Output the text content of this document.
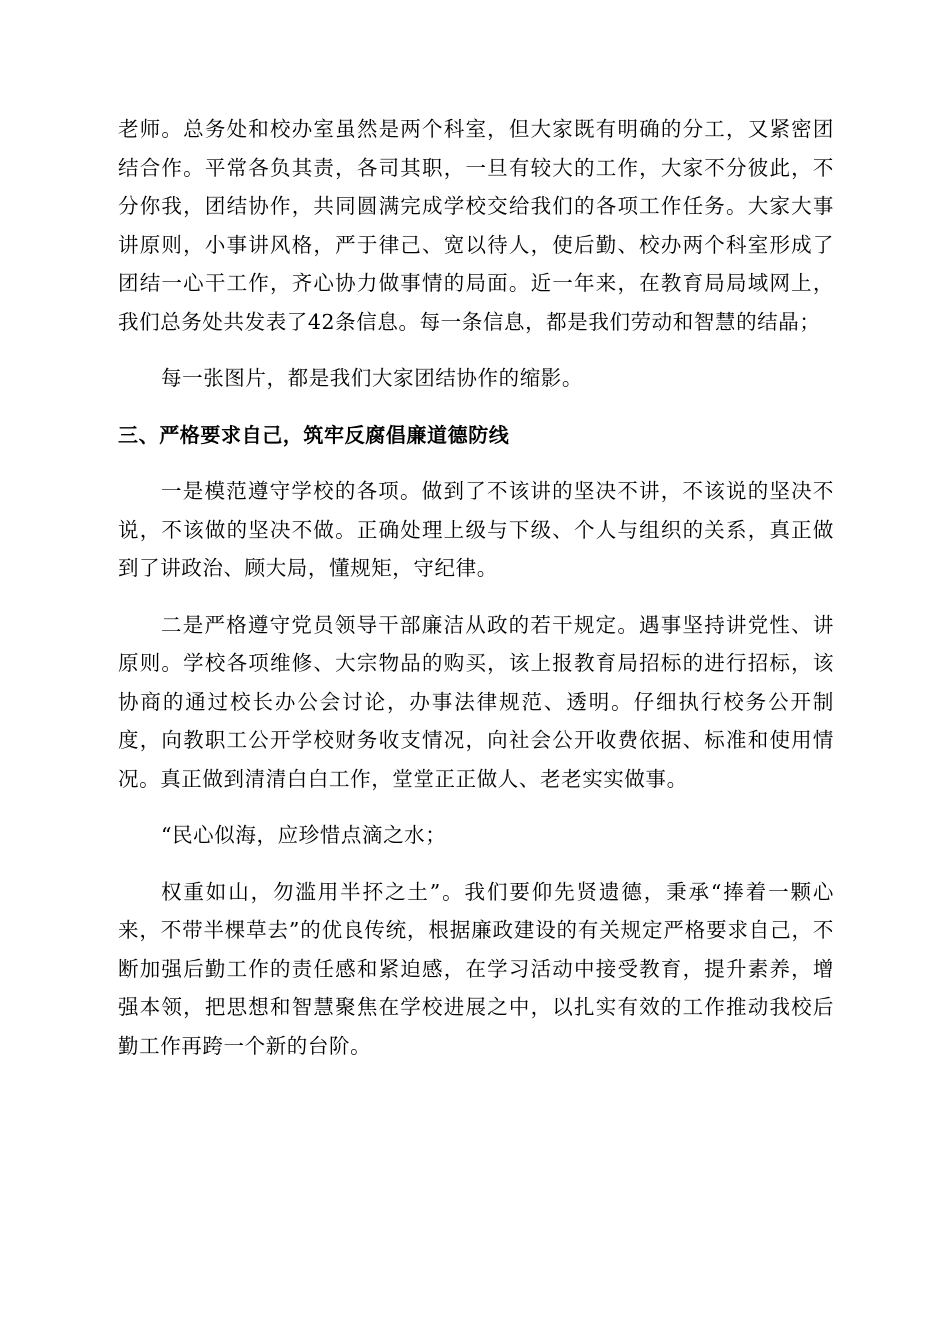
老师。总务处和校办室虽然是两个科室，但大家既有明确的分工，又紧密团结合作。平常各负其责，各司其职，一旦有较大的工作，大家不分彼此，不分你我，团结协作，共同圆满完成学校交给我们的各项工作任务。大家大事讲原则，小事讲风格，严于律己、宽以待人，使后勤、校办两个科室形成了团结一心干工作，齐心协力做事情的局面。近一年来，在教育局局域网上，我们总务处共发表了42条信息。每一条信息，都是我们劳动和智慧的结晶；

每一张图片，都是我们大家团结协作的缩影。

三、严格要求自己，筑牢反腐倡廉道德防线

一是模范遵守学校的各项。做到了不该讲的坚决不讲，不该说的坚决不说，不该做的坚决不做。正确处理上级与下级、个人与组织的关系，真正做到了讲政治、顾大局，懂规矩，守纪律。

二是严格遵守党员领导干部廉洁从政的若干规定。遇事坚持讲党性、讲原则。学校各项维修、大宗物品的购买，该上报教育局招标的进行招标，该协商的通过校长办公会讨论，办事法律规范、透明。仔细执行校务公开制度，向教职工公开学校财务收支情况，向社会公开收费依据、标准和使用情况。真正做到清清白白工作，堂堂正正做人、老老实实做事。

“民心似海，应珍惜点滴之水；

权重如山，勿滥用半抔之土”。我们要仰先贤遗德，秉承“捧着一颗心来，不带半棵草去”的优良传统，根据廉政建设的有关规定严格要求自己，不断加强后勤工作的责任感和紧迫感，在学习活动中接受教育，提升素养，增强本领，把思想和智慧聚焦在学校进展之中，以扎实有效的工作推动我校后勤工作再跨一个新的台阶。
